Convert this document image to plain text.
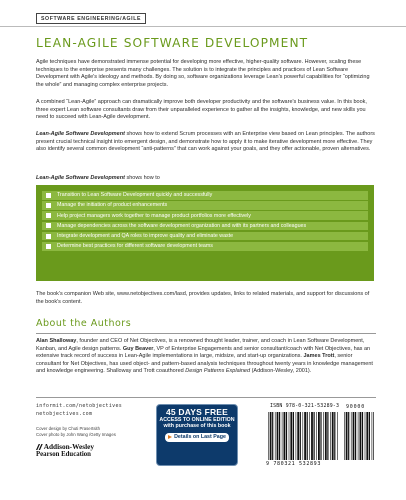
SOFTWARE ENGINEERING/AGILE
LEAN-AGILE SOFTWARE DEVELOPMENT
Agile techniques have demonstrated immense potential for developing more effective, higher-quality software. However, scaling these techniques to the enterprise presents many challenges. The solution is to integrate the principles and practices of Lean Software Development with Agile's ideology and methods. By doing so, software organizations leverage Lean's powerful capabilities for “optimizing the whole” and managing complex enterprise projects.
A combined “Lean-Agile” approach can dramatically improve both developer productivity and the software's business value. In this book, three expert Lean software consultants draw from their unparalleled experience to gather all the insights, knowledge, and new skills you need to succeed with Lean-Agile development.
Lean-Agile Software Development shows how to extend Scrum processes with an Enterprise view based on Lean principles. The authors present crucial technical insight into emergent design, and demonstrate how to apply it to make iterative development more effective. They also identify several common development “anti-patterns” that can work against your goals, and they offer actionable, proven alternatives.
Lean-Agile Software Development shows how to
Transition to Lean Software Development quickly and successfully
Manage the initiation of product enhancements
Help project managers work together to manage product portfolios more effectively
Manage dependencies across the software development organization and with its partners and colleagues
Integrate development and QA roles to improve quality and eliminate waste
Determine best practices for different software development teams
The book's companion Web site, www.netobjectives.com/lasd, provides updates, links to related materials, and support for discussions of the book's content.
About the Authors
Alan Shalloway, founder and CEO of Net Objectives, is a renowned thought leader, trainer, and coach in Lean Software Development, Kanban, and Agile design patterns. Guy Beaver, VP of Enterprise Engagements and senior consultant/coach with Net Objectives, has an extensive track record of success in Lean-Agile implementations in large, midsize, and start-up organizations. James Trott, senior consultant for Net Objectives, has used object- and pattern-based analysis techniques throughout twenty years in knowledge management and knowledge engineering. Shalloway and Trott coauthored Design Patterns Explained (Addison-Wesley, 2001).
informit.com/netobjectives
netobjectives.com
Cover design by Chuti Prasertsith
Cover photo by John Wang /Getty Images
Addison-Wesley
Pearson Education
45 DAYS FREE
ACCESS TO ONLINE EDITION
with purchase of this book
Details on Last Page
ISBN 978-0-321-53289-3 90000
9 780321 532893
